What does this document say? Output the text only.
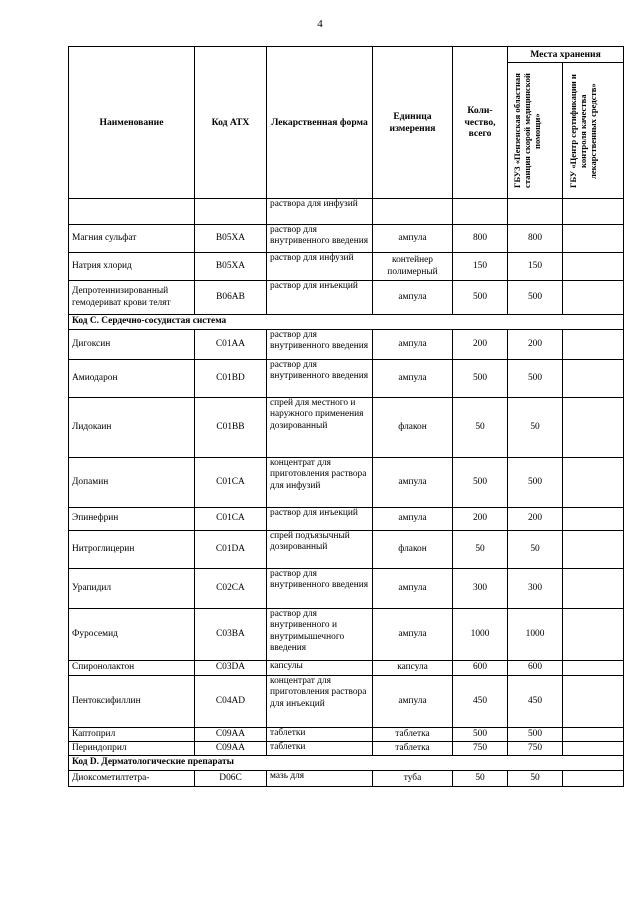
4
Наименование	Код АТХ	Лекарственная форма	Единица измерения	Коли-чество, всего	Места хранения	

					ГБУЗ «Пензенская областная станция скорой медицинской помощи»	ГБУ «Центр сертификации и контроля качества лекарственных средств»

		раствора для инфузий				
Магния сульфат	B05XA	раствор для внутривенного введения	ампула	800	800	
Натрия хлорид	B05XA	раствор для инфузий	контейнер полимерный	150	150	
Депротеинизированный гемодериват крови телят	B06AB	раствор для инъекций	ампула	500	500	
Код C. Сердечно-сосудистая система						
Дигоксин	C01AA	раствор для внутривенного введения	ампула	200	200	
Амиодарон	C01BD	раствор для внутривенного введения	ампула	500	500	
Лидокаин	C01BB	спрей для местного и наружного применения дозированный	флакон	50	50	
Допамин	C01CA	концентрат для приготовления раствора для инфузий	ампула	500	500	
Эпинефрин	C01CA	раствор для инъекций	ампула	200	200	
Нитроглицерин	C01DA	спрей подъязычный дозированный	флакон	50	50	
Урапидил	C02CA	раствор для внутривенного введения	ампула	300	300	
Фуросемид	C03BA	раствор для внутривенного и внутримышечного введения	ампула	1000	1000	
Спиронолактон	C03DA	капсулы	капсула	600	600	
Пентоксифиллин	C04AD	концентрат для приготовления раствора для инъекций	ампула	450	450	
Каптоприл	C09AA	таблетки	таблетка	500	500	
Периндоприл	C09AA	таблетки	таблетка	750	750	
Код D. Дерматологические препараты						
Диоксометилтетра-	D06C	мазь для	туба	50	50	
